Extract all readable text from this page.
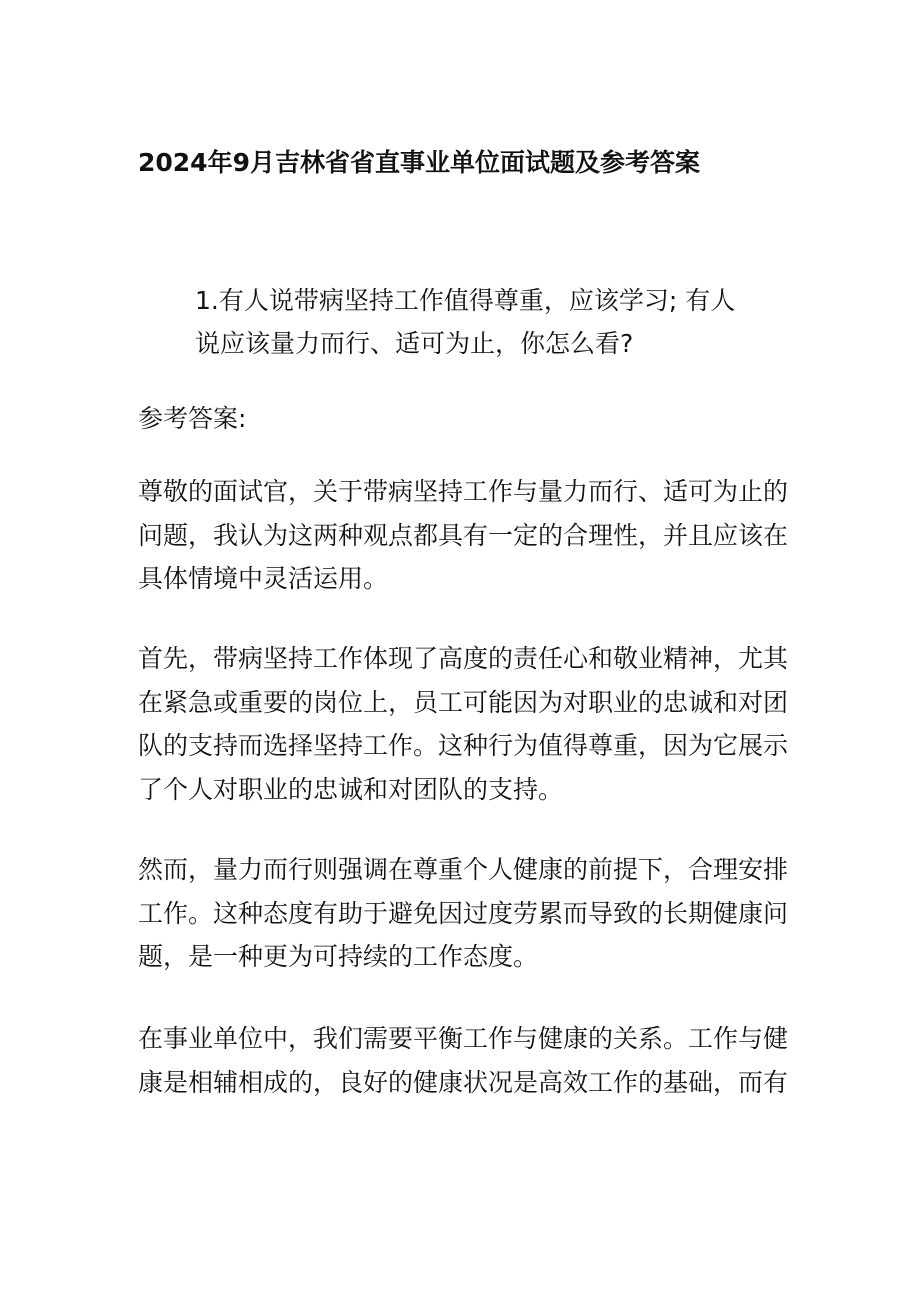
2024年9月吉林省省直事业单位面试题及参考答案
1.有人说带病坚持工作值得尊重，应该学习; 有人
说应该量力而行、适可为止，你怎么看?
参考答案:
尊敬的面试官，关于带病坚持工作与量力而行、适可为止的
问题，我认为这两种观点都具有一定的合理性，并且应该在
具体情境中灵活运用。
首先，带病坚持工作体现了高度的责任心和敬业精神，尤其
在紧急或重要的岗位上，员工可能因为对职业的忠诚和对团
队的支持而选择坚持工作。这种行为值得尊重，因为它展示
了个人对职业的忠诚和对团队的支持。
然而，量力而行则强调在尊重个人健康的前提下，合理安排
工作。这种态度有助于避免因过度劳累而导致的长期健康问
题，是一种更为可持续的工作态度。
在事业单位中，我们需要平衡工作与健康的关系。工作与健
康是相辅相成的，良好的健康状况是高效工作的基础，而有
